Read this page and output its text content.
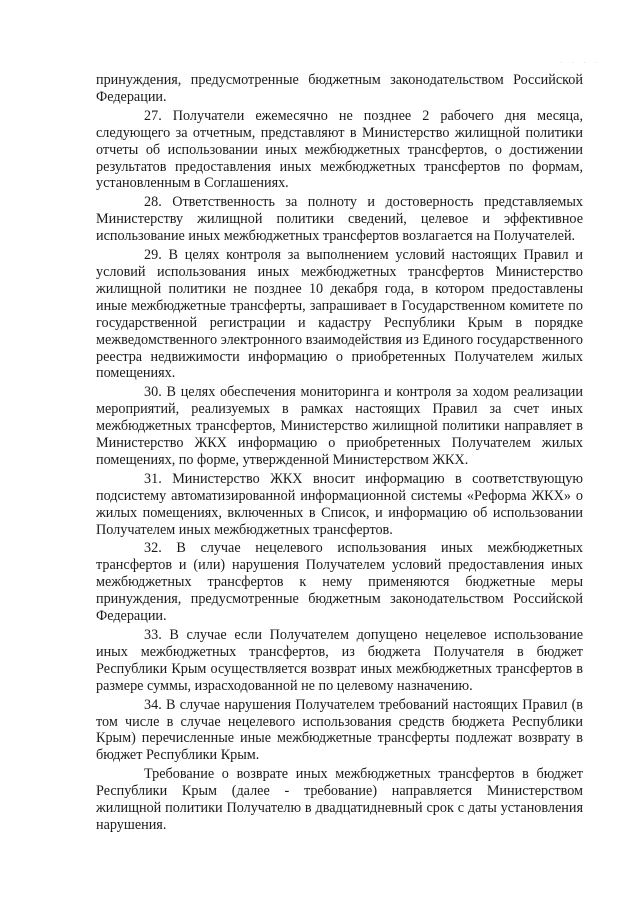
· · · ·

принуждения, предусмотренные бюджетным законодательством Российской Федерации.

27. Получатели ежемесячно не позднее 2 рабочего дня месяца, следующего за отчетным, представляют в Министерство жилищной политики отчеты об использовании иных межбюджетных трансфертов, о достижении результатов предоставления иных межбюджетных трансфертов по формам, установленным в Соглашениях.

28. Ответственность за полноту и достоверность представляемых Министерству жилищной политики сведений, целевое и эффективное использование иных межбюджетных трансфертов возлагается на Получателей.

29. В целях контроля за выполнением условий настоящих Правил и условий использования иных межбюджетных трансфертов Министерство жилищной политики не позднее 10 декабря года, в котором предоставлены иные межбюджетные трансферты, запрашивает в Государственном комитете по государственной регистрации и кадастру Республики Крым в порядке межведомственного электронного взаимодействия из Единого государственного реестра недвижимости информацию о приобретенных Получателем жилых помещениях.

30. В целях обеспечения мониторинга и контроля за ходом реализации мероприятий, реализуемых в рамках настоящих Правил за счет иных межбюджетных трансфертов, Министерство жилищной политики направляет в Министерство ЖКХ информацию о приобретенных Получателем жилых помещениях, по форме, утвержденной Министерством ЖКХ.

31. Министерство ЖКХ вносит информацию в соответствующую подсистему автоматизированной информационной системы «Реформа ЖКХ» о жилых помещениях, включенных в Список, и информацию об использовании Получателем иных межбюджетных трансфертов.

32. В случае нецелевого использования иных межбюджетных трансфертов и (или) нарушения Получателем условий предоставления иных межбюджетных трансфертов к нему применяются бюджетные меры принуждения, предусмотренные бюджетным законодательством Российской Федерации.

33. В случае если Получателем допущено нецелевое использование иных межбюджетных трансфертов, из бюджета Получателя в бюджет Республики Крым осуществляется возврат иных межбюджетных трансфертов в размере суммы, израсходованной не по целевому назначению.

34. В случае нарушения Получателем требований настоящих Правил (в том числе в случае нецелевого использования средств бюджета Республики Крым) перечисленные иные межбюджетные трансферты подлежат возврату в бюджет Республики Крым.

Требование о возврате иных межбюджетных трансфертов в бюджет Республики Крым (далее - требование) направляется Министерством жилищной политики Получателю в двадцатидневный срок с даты установления нарушения.
